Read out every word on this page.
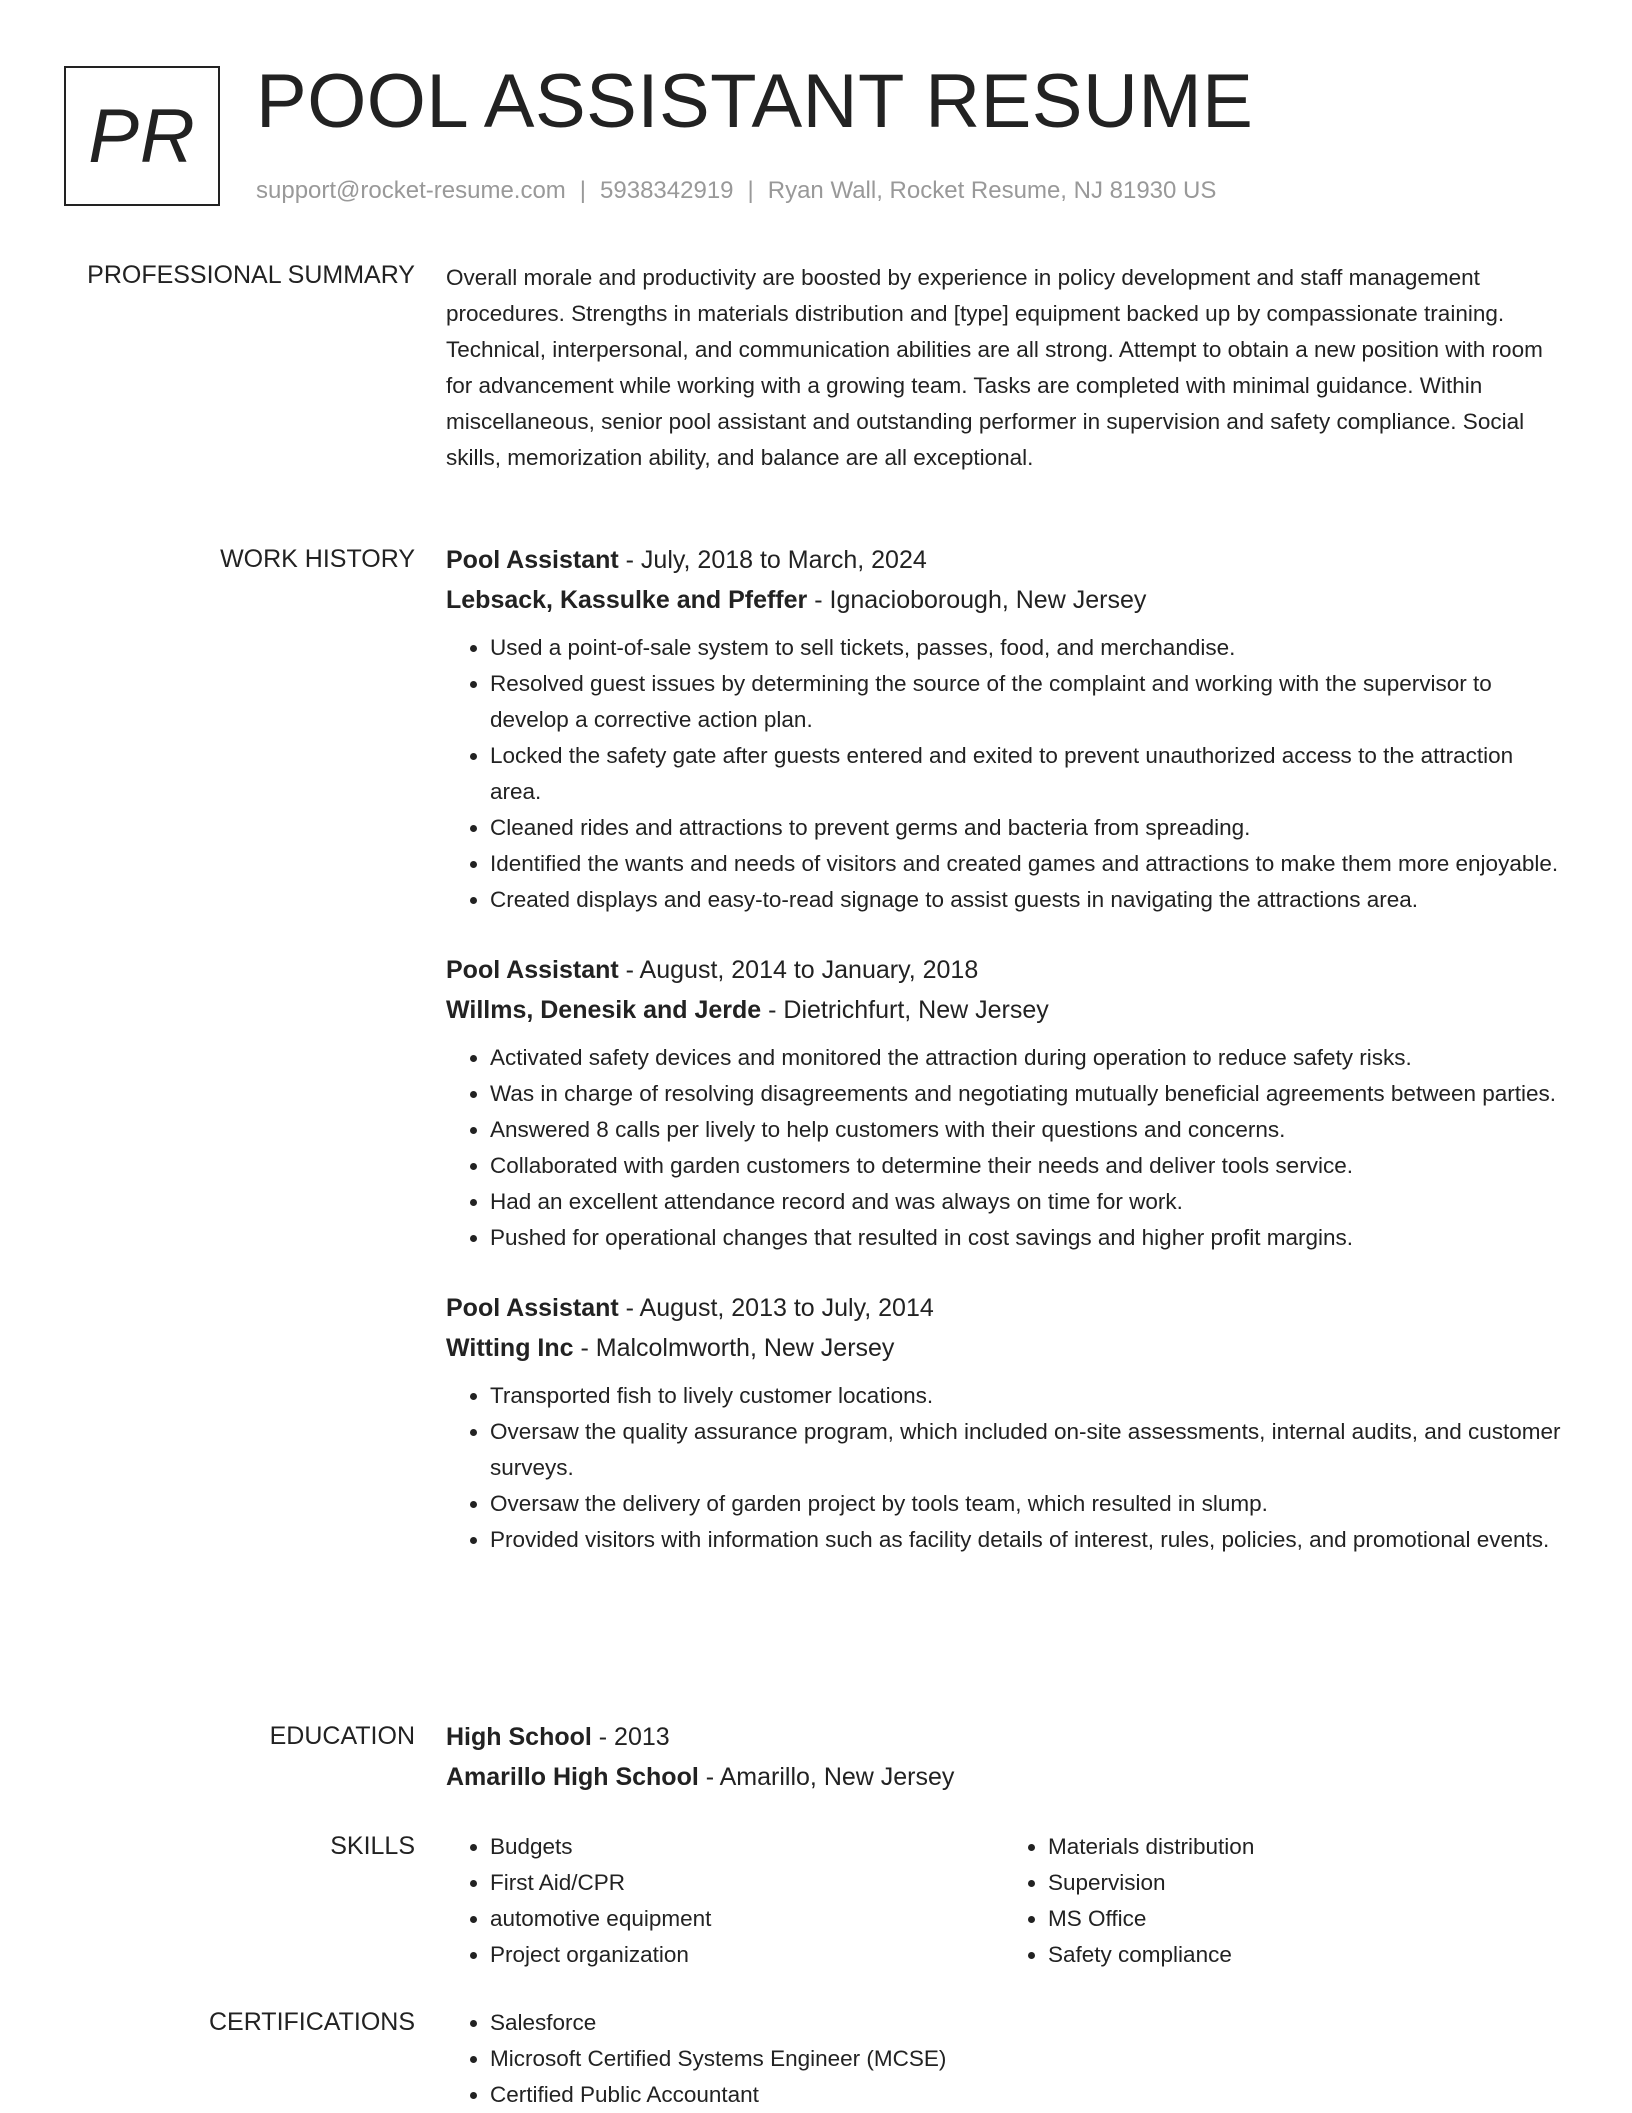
PR POOL ASSISTANT RESUME
support@rocket-resume.com | 5938342919 | Ryan Wall, Rocket Resume, NJ 81930 US
PROFESSIONAL SUMMARY Overall morale and productivity are boosted by experience in policy development and staff management procedures. Strengths in materials distribution and [type] equipment backed up by compassionate training. Technical, interpersonal, and communication abilities are all strong. Attempt to obtain a new position with room for advancement while working with a growing team. Tasks are completed with minimal guidance. Within miscellaneous, senior pool assistant and outstanding performer in supervision and safety compliance. Social skills, memorization ability, and balance are all exceptional.

WORK HISTORY Pool Assistant - July, 2018 to March, 2024
Lebsack, Kassulke and Pfeffer - Ignacioborough, New Jersey
• Used a point-of-sale system to sell tickets, passes, food, and merchandise.
• Resolved guest issues by determining the source of the complaint and working with the supervisor to develop a corrective action plan.
• Locked the safety gate after guests entered and exited to prevent unauthorized access to the attraction area.
• Cleaned rides and attractions to prevent germs and bacteria from spreading.
• Identified the wants and needs of visitors and created games and attractions to make them more enjoyable.
• Created displays and easy-to-read signage to assist guests in navigating the attractions area.
Pool Assistant - August, 2014 to January, 2018
Willms, Denesik and Jerde - Dietrichfurt, New Jersey
• Activated safety devices and monitored the attraction during operation to reduce safety risks.
• Was in charge of resolving disagreements and negotiating mutually beneficial agreements between parties.
• Answered 8 calls per lively to help customers with their questions and concerns.
• Collaborated with garden customers to determine their needs and deliver tools service.
• Had an excellent attendance record and was always on time for work.
• Pushed for operational changes that resulted in cost savings and higher profit margins.
Pool Assistant - August, 2013 to July, 2014
Witting Inc - Malcolmworth, New Jersey
• Transported fish to lively customer locations.
• Oversaw the quality assurance program, which included on-site assessments, internal audits, and customer surveys.
• Oversaw the delivery of garden project by tools team, which resulted in slump.
• Provided visitors with information such as facility details of interest, rules, policies, and promotional events.
EDUCATION High School - 2013
Amarillo High School - Amarillo, New Jersey
SKILLS	• Budgets
• First Aid/CPR
• automotive equipment
• Project organization
• Materials distribution
• Supervision
• MS Office
• Safety compliance
CERTIFICATIONS	• Salesforce
• Microsoft Certified Systems Engineer (MCSE)
• Certified Public Accountant
